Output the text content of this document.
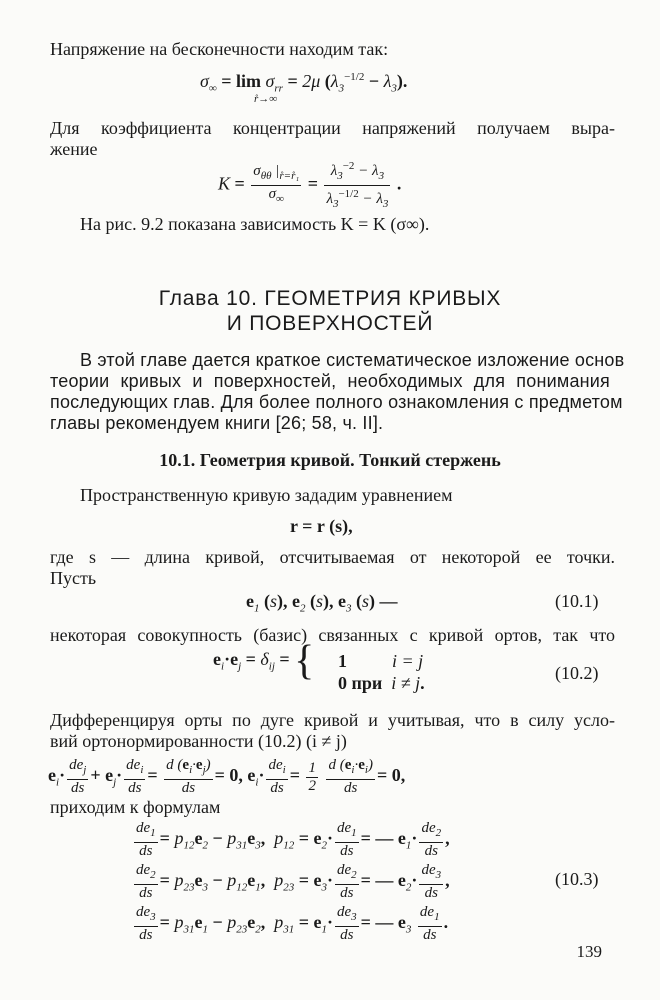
Напряжение на бесконечности находим так:
$\sigma_\infty = \lim \sigma_{rr} = 2\mu$ $(\lambda_3^{-1/2} - \lambda_3)$.
r̊→∞
Для коэффициента концентрации напряжений получаем выра-
жение
$K = \frac{\sigma_{\theta\theta} |_{r̊=r̊_1}}{\sigma_\infty} = \frac{\lambda_3^{-2} - \lambda_3}{\lambda_3^{-1/2} - \lambda_3}$ .
На рис. 9.2 показана зависимость K = K (σ∞).
Глава 10. ГЕОМЕТРИЯ КРИВЫХ
И ПОВЕРХНОСТЕЙ
В этой главе дается краткое систематическое изложение основ
теории кривых и поверхностей, необходимых для понимания
последующих глав. Для более полного ознакомления с предметом
главы рекомендуем книги [26; 58, ч. II].
10.1. Геометрия кривой. Тонкий стержень
Пространственную кривую зададим уравнением
r = r (s),
где s — длина кривой, отсчитываемая от некоторой ее точки.
Пусть
$e_1$ (s), $e_2$ (s), $e_3$ (s) —	(10.1)
некоторая совокупность (базис) связанных с кривой ортов, так что
$e_i\cdot e_j = \delta_{ij}$ = { 1          i = j
0 при  i ≠ j.	(10.2)
Дифференцируя орты по дуге кривой и учитывая, что в силу усло-
вий ортонормированности (10.2) (i ≠ j)
$e_i\cdot \frac{de_j}{ds} + e_j\cdot \frac{de_i}{ds} = \frac{d (e_i\cdot e_j)}{ds} = 0$, $e_i\cdot \frac{de_i}{ds} = \frac{1}{2}$
$\frac{d (e_i\cdot e_i)}{ds} = 0$,
приходим к формулам
$\frac{de_1}{ds} = p_{12}e_2 - p_{31}e_3$,  $p_{12} = e_2\cdot \frac{de_1}{ds}$ = — $e_1\cdot \frac{de_2}{ds}$ ,
$\frac{de_2}{ds} = p_{23}e_3 - p_{12}e_1$,  $p_{23} = e_3\cdot \frac{de_2}{ds}$ = — $e_2\cdot \frac{de_3}{ds}$ ,	(10.3)
$\frac{de_3}{ds} = p_{31}e_1 - p_{23}e_2$,  $p_{31} = e_1\cdot \frac{de_3}{ds}$ = — $e_3 \frac{de_1}{ds}$ .
139
